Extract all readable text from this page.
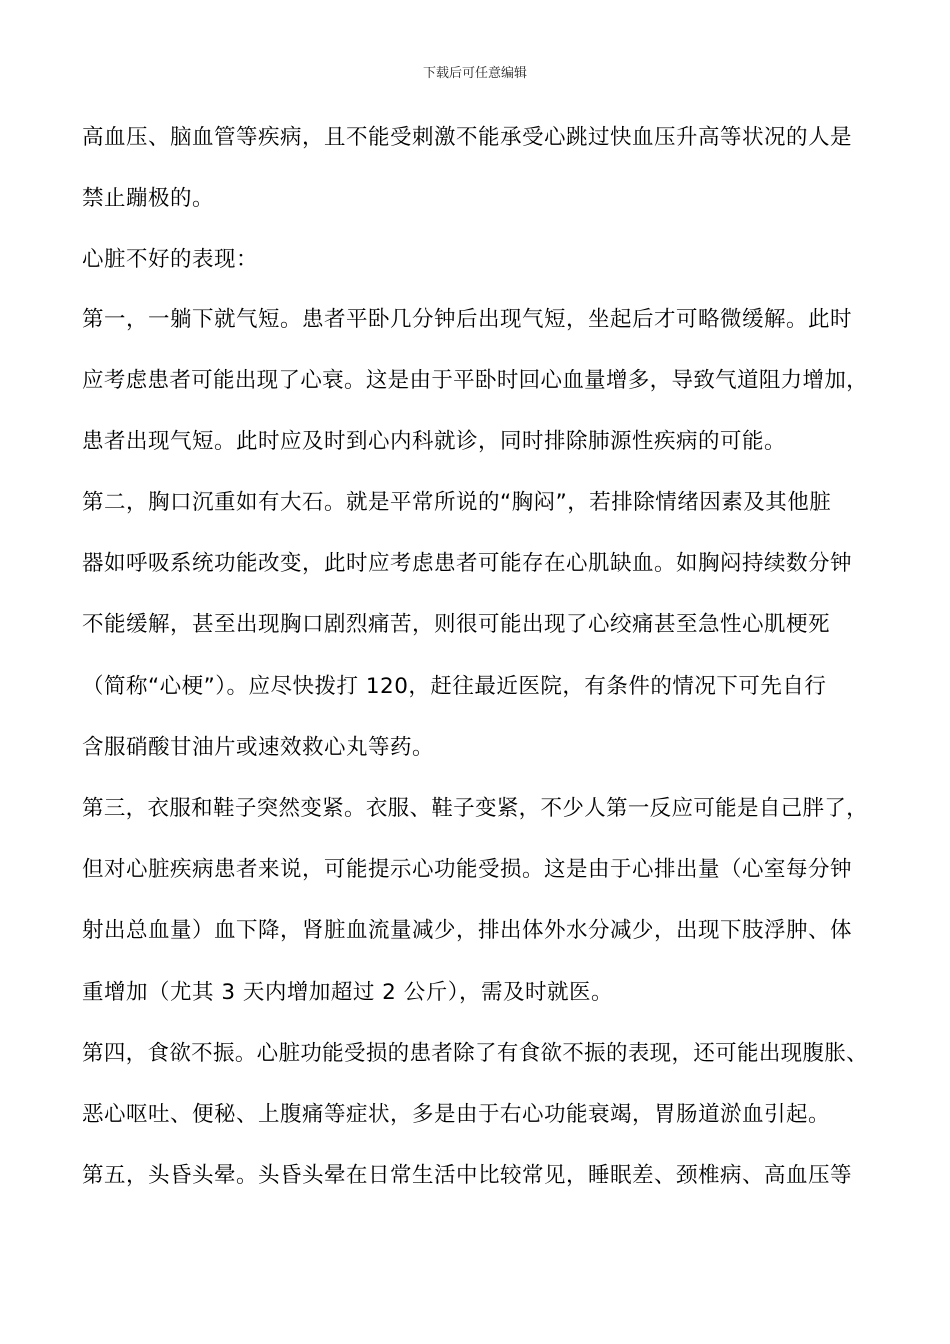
下载后可任意编辑
高血压、脑血管等疾病，且不能受刺激不能承受心跳过快血压升高等状况的人是
禁止蹦极的。
心脏不好的表现：
第一，一躺下就气短。患者平卧几分钟后出现气短，坐起后才可略微缓解。此时
应考虑患者可能出现了心衰。这是由于平卧时回心血量增多，导致气道阻力增加，
患者出现气短。此时应及时到心内科就诊，同时排除肺源性疾病的可能。
第二，胸口沉重如有大石。就是平常所说的“胸闷”，若排除情绪因素及其他脏
器如呼吸系统功能改变，此时应考虑患者可能存在心肌缺血。如胸闷持续数分钟
不能缓解，甚至出现胸口剧烈痛苦，则很可能出现了心绞痛甚至急性心肌梗死
（简称“心梗”）。应尽快拨打 120，赶往最近医院，有条件的情况下可先自行
含服硝酸甘油片或速效救心丸等药。
第三，衣服和鞋子突然变紧。衣服、鞋子变紧，不少人第一反应可能是自己胖了，
但对心脏疾病患者来说，可能提示心功能受损。这是由于心排出量（心室每分钟
射出总血量）血下降，肾脏血流量减少，排出体外水分减少，出现下肢浮肿、体
重增加（尤其 3 天内增加超过 2 公斤），需及时就医。
第四，食欲不振。心脏功能受损的患者除了有食欲不振的表现，还可能出现腹胀、
恶心呕吐、便秘、上腹痛等症状，多是由于右心功能衰竭，胃肠道淤血引起。
第五，头昏头晕。头昏头晕在日常生活中比较常见，睡眠差、颈椎病、高血压等
